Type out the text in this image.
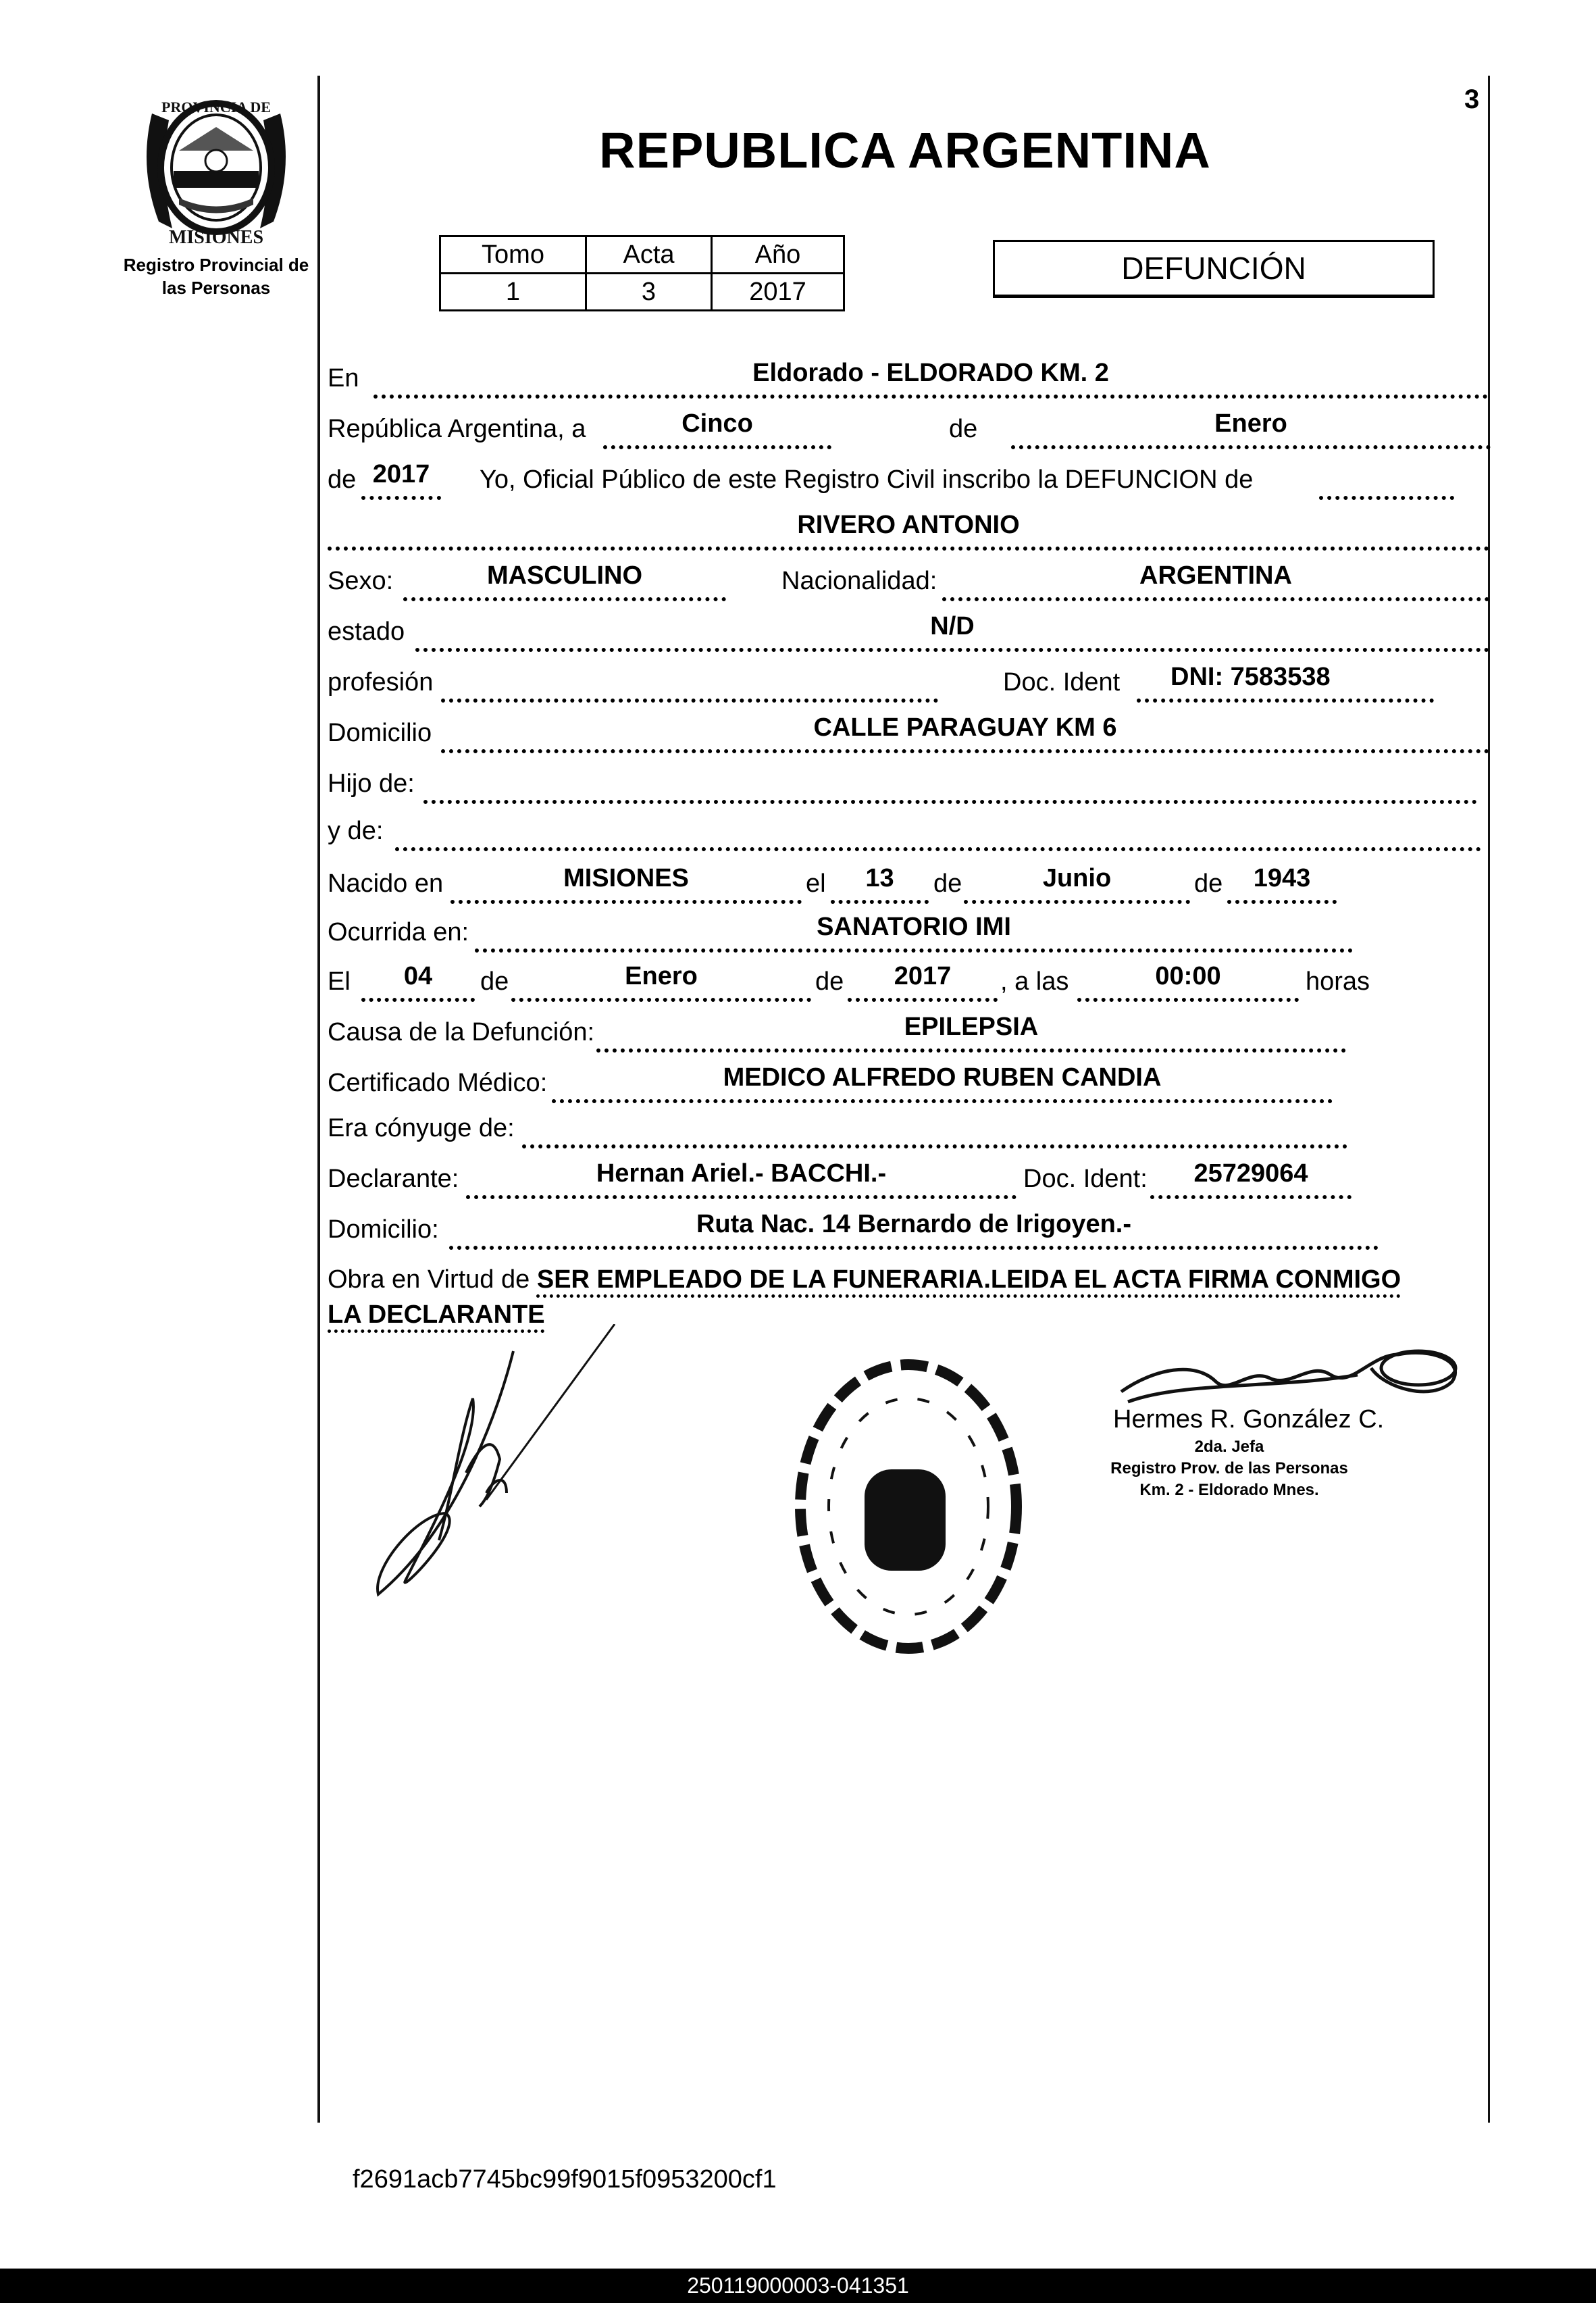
PROVINCIA DE
MISIONES
Registro Provincial de
las Personas
3
REPUBLICA ARGENTINA
Tomo	Acta	Año
1	3	2017
DEFUNCIÓN
En	Eldorado - ELDORADO KM. 2
República Argentina, a	Cinco	de	Enero
de 2017	Yo, Oficial Público de este Registro Civil inscribo la DEFUNCION de
RIVERO ANTONIO
Sexo:	MASCULINO	Nacionalidad:	ARGENTINA
estado	N/D
profesión	Doc. Ident DNI: 7583538
Domicilio	CALLE PARAGUAY KM 6
Hijo de:
y de:
Nacido en	MISIONES	el	13	de	Junio	de	1943
Ocurrida en:	SANATORIO IMI
El	04	de	Enero	de	2017	, a las	00:00	horas
Causa de la Defunción:	EPILEPSIA
Certificado Médico:	MEDICO ALFREDO RUBEN CANDIA
Era cónyuge de:
Declarante:	Hernan Ariel.- BACCHI.-	Doc. Ident:	25729064
Domicilio:	Ruta Nac. 14 Bernardo de Irigoyen.-
Obra en Virtud de SER EMPLEADO DE LA FUNERARIA.LEIDA EL ACTA FIRMA CONMIGO
LA DECLARANTE
Hermes R. González C.
2da. Jefa
Registro Prov. de las Personas
Km. 2 - Eldorado Mnes.
f2691acb7745bc99f9015f0953200cf1
250119000003-041351
